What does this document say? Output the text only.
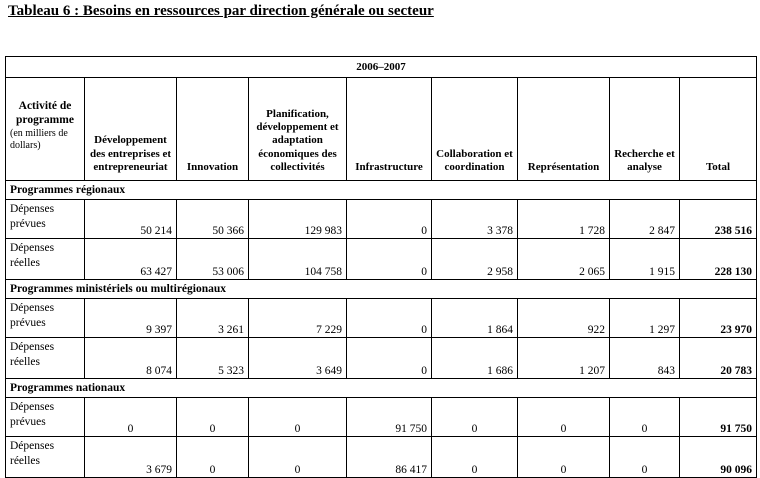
Tableau 6 : Besoins en ressources par direction générale ou secteur
2006–2007								

Activité de
programme
(en milliers de dollars)	Développement des entreprises et entrepreneuriat	Innovation	Planification, développement et adaptation économiques des collectivités	Infrastructure	Collaboration et coordination	Représentation	Recherche et analyse	Total
Programmes régionaux								
Dépenses prévues	50 214	50 366	129 983	0	3 378	1 728	2 847	238 516
Dépenses réelles	63 427	53 006	104 758	0	2 958	2 065	1 915	228 130
Programmes ministériels ou multirégionaux								
Dépenses prévues	9 397	3 261	7 229	0	1 864	922	1 297	23 970
Dépenses réelles	8 074	5 323	3 649	0	1 686	1 207	843	20 783
Programmes nationaux								
Dépenses prévues	0	0	0	91 750	0	0	0	91 750
Dépenses réelles	3 679	0	0	86 417	0	0	0	90 096
